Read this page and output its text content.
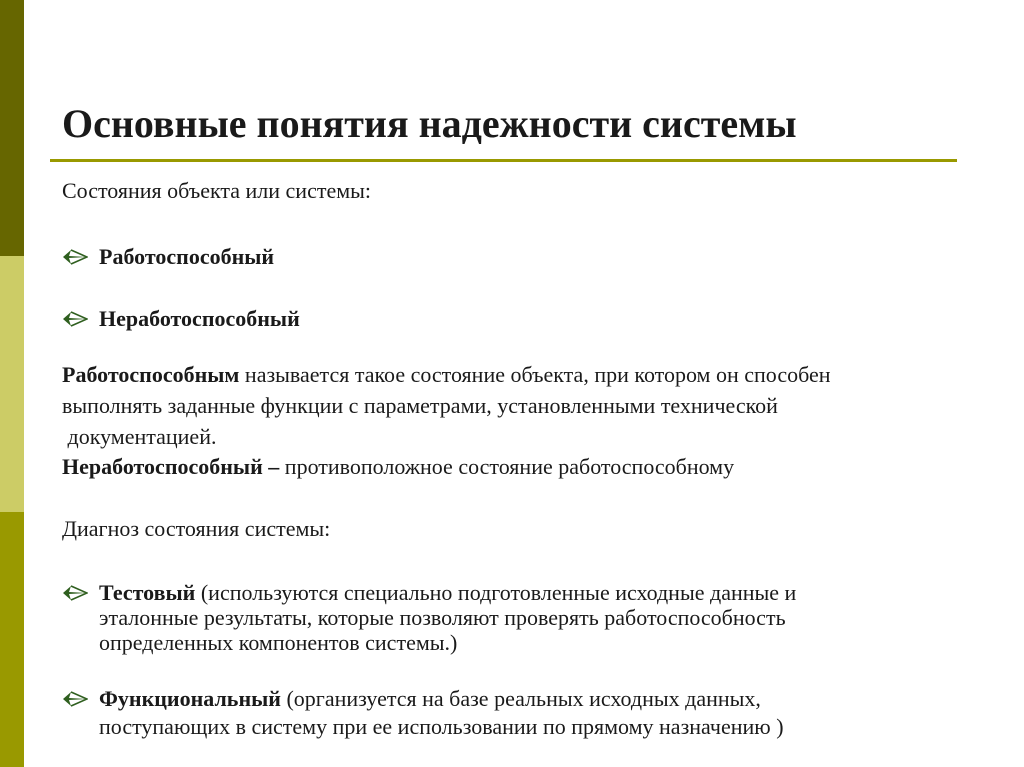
Основные понятия надежности системы

Состояния объекта или системы:

Работоспособный
Неработоспособный

Работоспособным называется такое состояние объекта, при котором он способен

выполнять заданные функции с параметрами, установленными технической

документацией.

Неработоспособный – противоположное состояние работоспособному

Диагноз состояния системы:

Тестовый (используются специально подготовленные исходные данные и
эталонные результаты, которые позволяют проверять работоспособность
определенных компонентов системы.)
Функциональный (организуется на базе реальных исходных данных,
поступающих в систему при ее использовании по прямому назначению )
